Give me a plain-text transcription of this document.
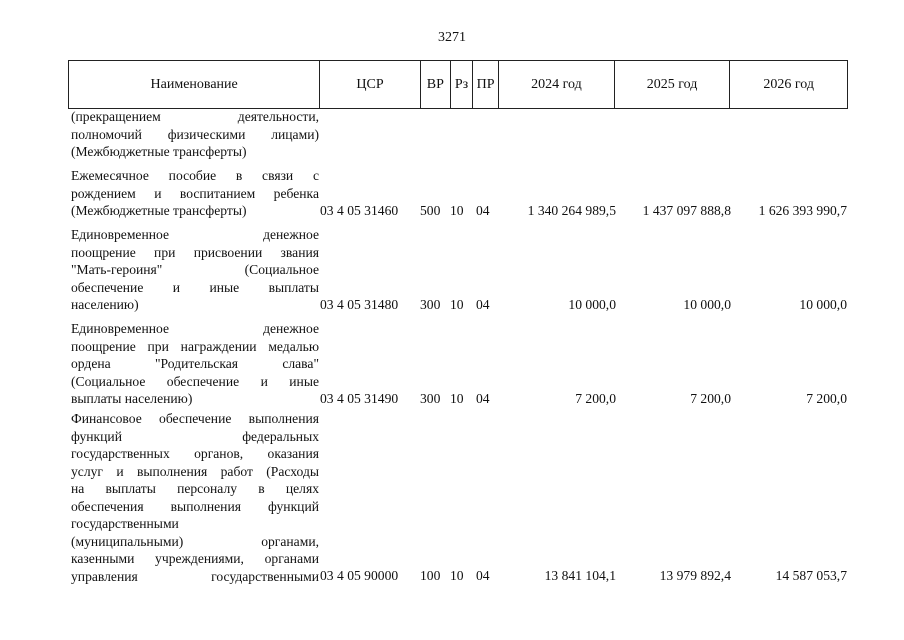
3271
Наименование	ЦСР	ВР	Рз	ПР	2024 год	2025 год	2026 год
(прекращением деятельности,
полномочий физическими лицами)
(Межбюджетные трансферты)
Ежемесячное пособие в связи с
рождением и воспитанием ребенка
(Межбюджетные трансферты)	03 4 05 31460	500 10 04	1 340 264 989,5	1 437 097 888,8	1 626 393 990,7
Единовременное денежное
поощрение при присвоении звания
"Мать-героиня" (Социальное
обеспечение и иные выплаты
населению)	03 4 05 31480	300 10 04	10 000,0	10 000,0	10 000,0
Единовременное денежное
поощрение при награждении медалью
ордена "Родительская слава"
(Социальное обеспечение и иные
выплаты населению)	03 4 05 31490	300 10 04	7 200,0	7 200,0	7 200,0
Финансовое обеспечение выполнения
функций федеральных
государственных органов, оказания
услуг и выполнения работ (Расходы
на выплаты персоналу в целях
обеспечения выполнения функций
государственными
(муниципальными) органами,
казенными учреждениями, органами
управления государственными 03 4 05 90000	100 10 04	13 841 104,1	13 979 892,4	14 587 053,7
